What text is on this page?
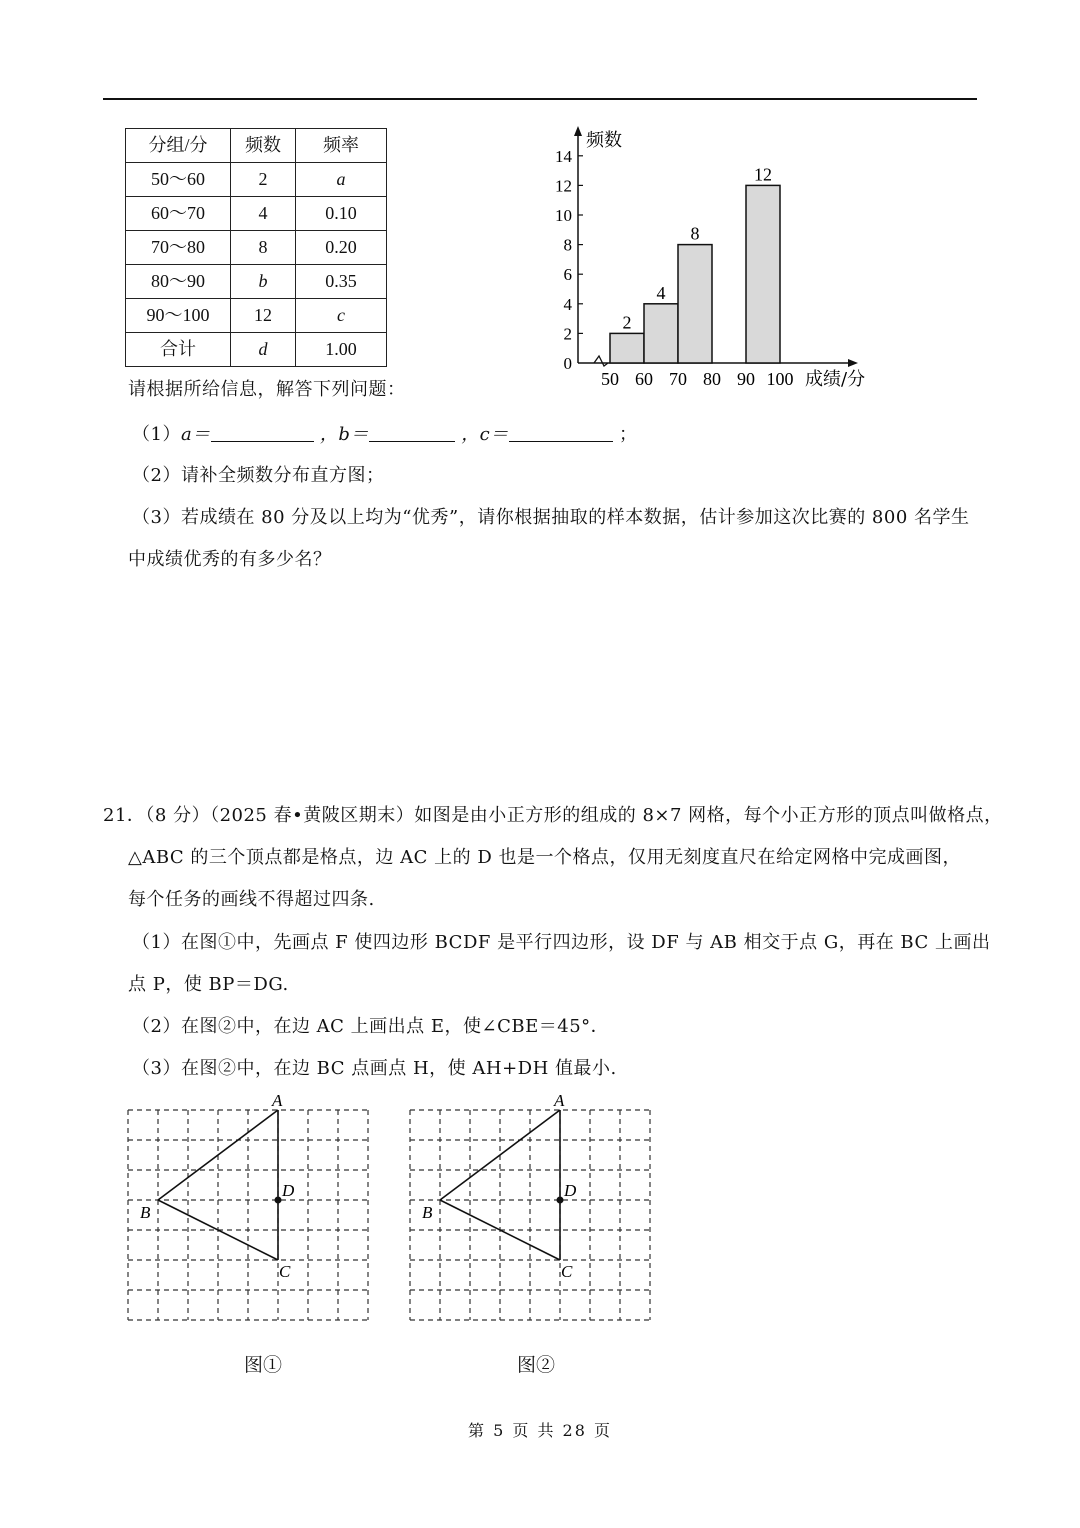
分组/分	频数	频率
50～60	2	a
60～70	4	0.10
70～80	8	0.20
80～90	b	0.35
90～100	12	c
合计	d	1.00
0
2
4
6
8
10
12
14
频数
50 60 70 80 90 100 成绩/分
2
4
8
12
请根据所给信息，解答下列问题：
（1）a＝	，b＝	，c＝	；
（2）请补全频数分布直方图；
（3）若成绩在 80 分及以上均为“优秀”，请你根据抽取的样本数据，估计参加这次比赛的 800 名学生
中成绩优秀的有多少名？
21．（8 分）（2025 春•黄陂区期末）如图是由小正方形的组成的 8×7 网格，每个小正方形的顶点叫做格点，
△ABC 的三个顶点都是格点，边 AC 上的 D 也是一个格点，仅用无刻度直尺在给定网格中完成画图，
每个任务的画线不得超过四条.
（1）在图①中，先画点 F 使四边形 BCDF 是平行四边形，设 DF 与 AB 相交于点 G，再在 BC 上画出
点 P，使 BP＝DG.
（2）在图②中，在边 AC 上画出点 E，使∠CBE＝45°．
（3）在图②中，在边 BC 点画点 H，使 AH+DH 值最小.
A
B
C
D
A
B
C
D
图①	图②
第 5 页 共 28 页
